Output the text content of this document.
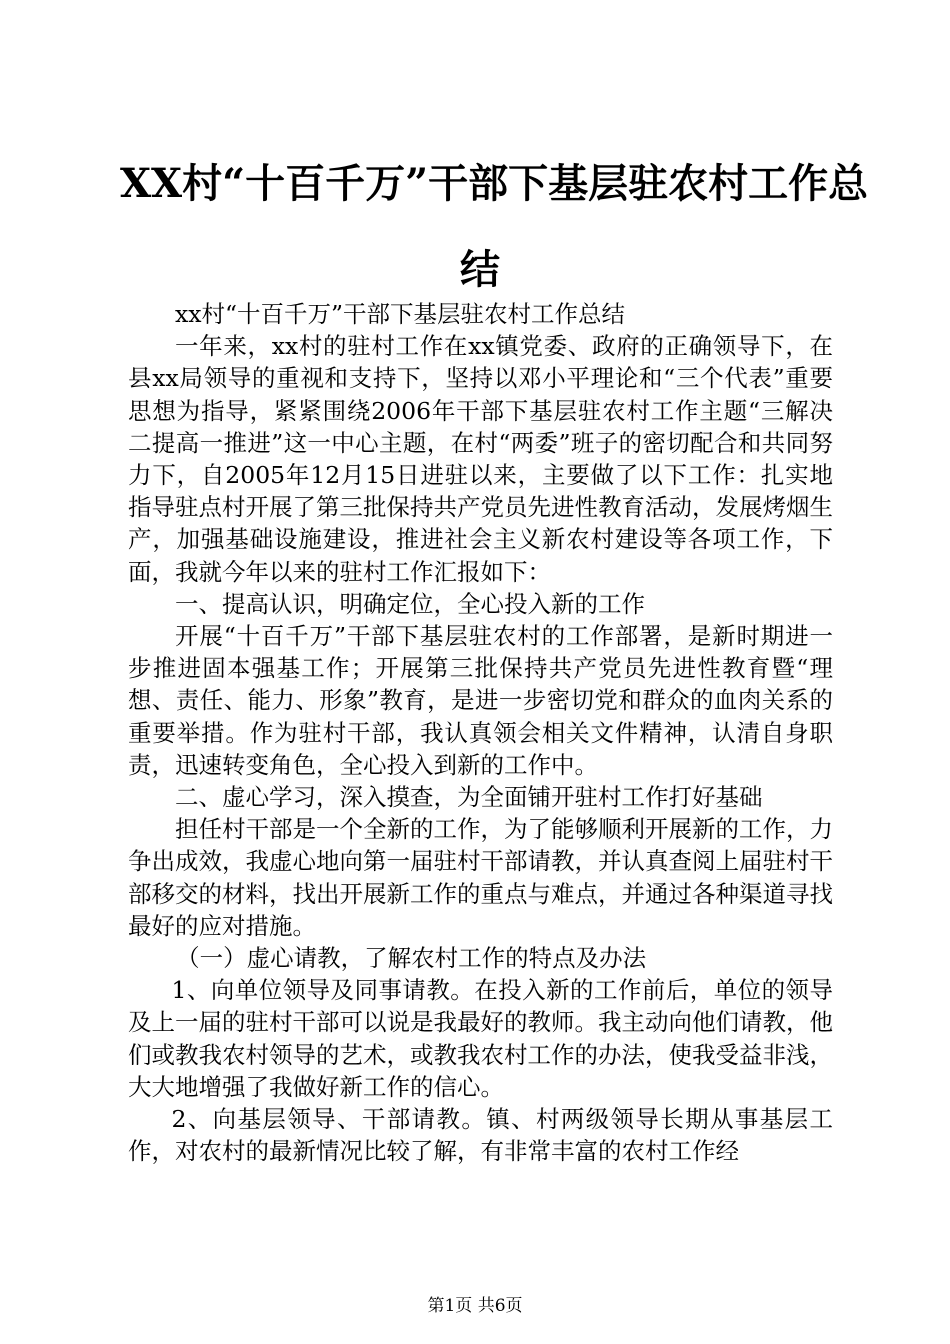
XX村“十百千万”干部下基层驻农村工作总
结

xx村“十百千万”干部下基层驻农村工作总结

一年来，xx村的驻村工作在xx镇党委、政府的正确领导下，在县xx局领导的重视和支持下，坚持以邓小平理论和“三个代表”重要思想为指导，紧紧围绕2006年干部下基层驻农村工作主题“三解决二提高一推进”这一中心主题，在村“两委”班子的密切配合和共同努力下，自2005年12月15日进驻以来，主要做了以下工作：扎实地指导驻点村开展了第三批保持共产党员先进性教育活动，发展烤烟生产，加强基础设施建设，推进社会主义新农村建设等各项工作，下面，我就今年以来的驻村工作汇报如下：

一、提高认识，明确定位，全心投入新的工作

开展“十百千万”干部下基层驻农村的工作部署，是新时期进一步推进固本强基工作；开展第三批保持共产党员先进性教育暨“理想、责任、能力、形象”教育，是进一步密切党和群众的血肉关系的重要举措。作为驻村干部，我认真领会相关文件精神，认清自身职责，迅速转变角色，全心投入到新的工作中。

二、虚心学习，深入摸查，为全面铺开驻村工作打好基础

担任村干部是一个全新的工作，为了能够顺利开展新的工作，力争出成效，我虚心地向第一届驻村干部请教，并认真查阅上届驻村干部移交的材料，找出开展新工作的重点与难点，并通过各种渠道寻找最好的应对措施。

（一）虚心请教，了解农村工作的特点及办法

1、向单位领导及同事请教。在投入新的工作前后，单位的领导及上一届的驻村干部可以说是我最好的教师。我主动向他们请教，他们或教我农村领导的艺术，或教我农村工作的办法，使我受益非浅，大大地增强了我做好新工作的信心。

2、向基层领导、干部请教。镇、村两级领导长期从事基层工作，对农村的最新情况比较了解，有非常丰富的农村工作经

第1页 共6页
